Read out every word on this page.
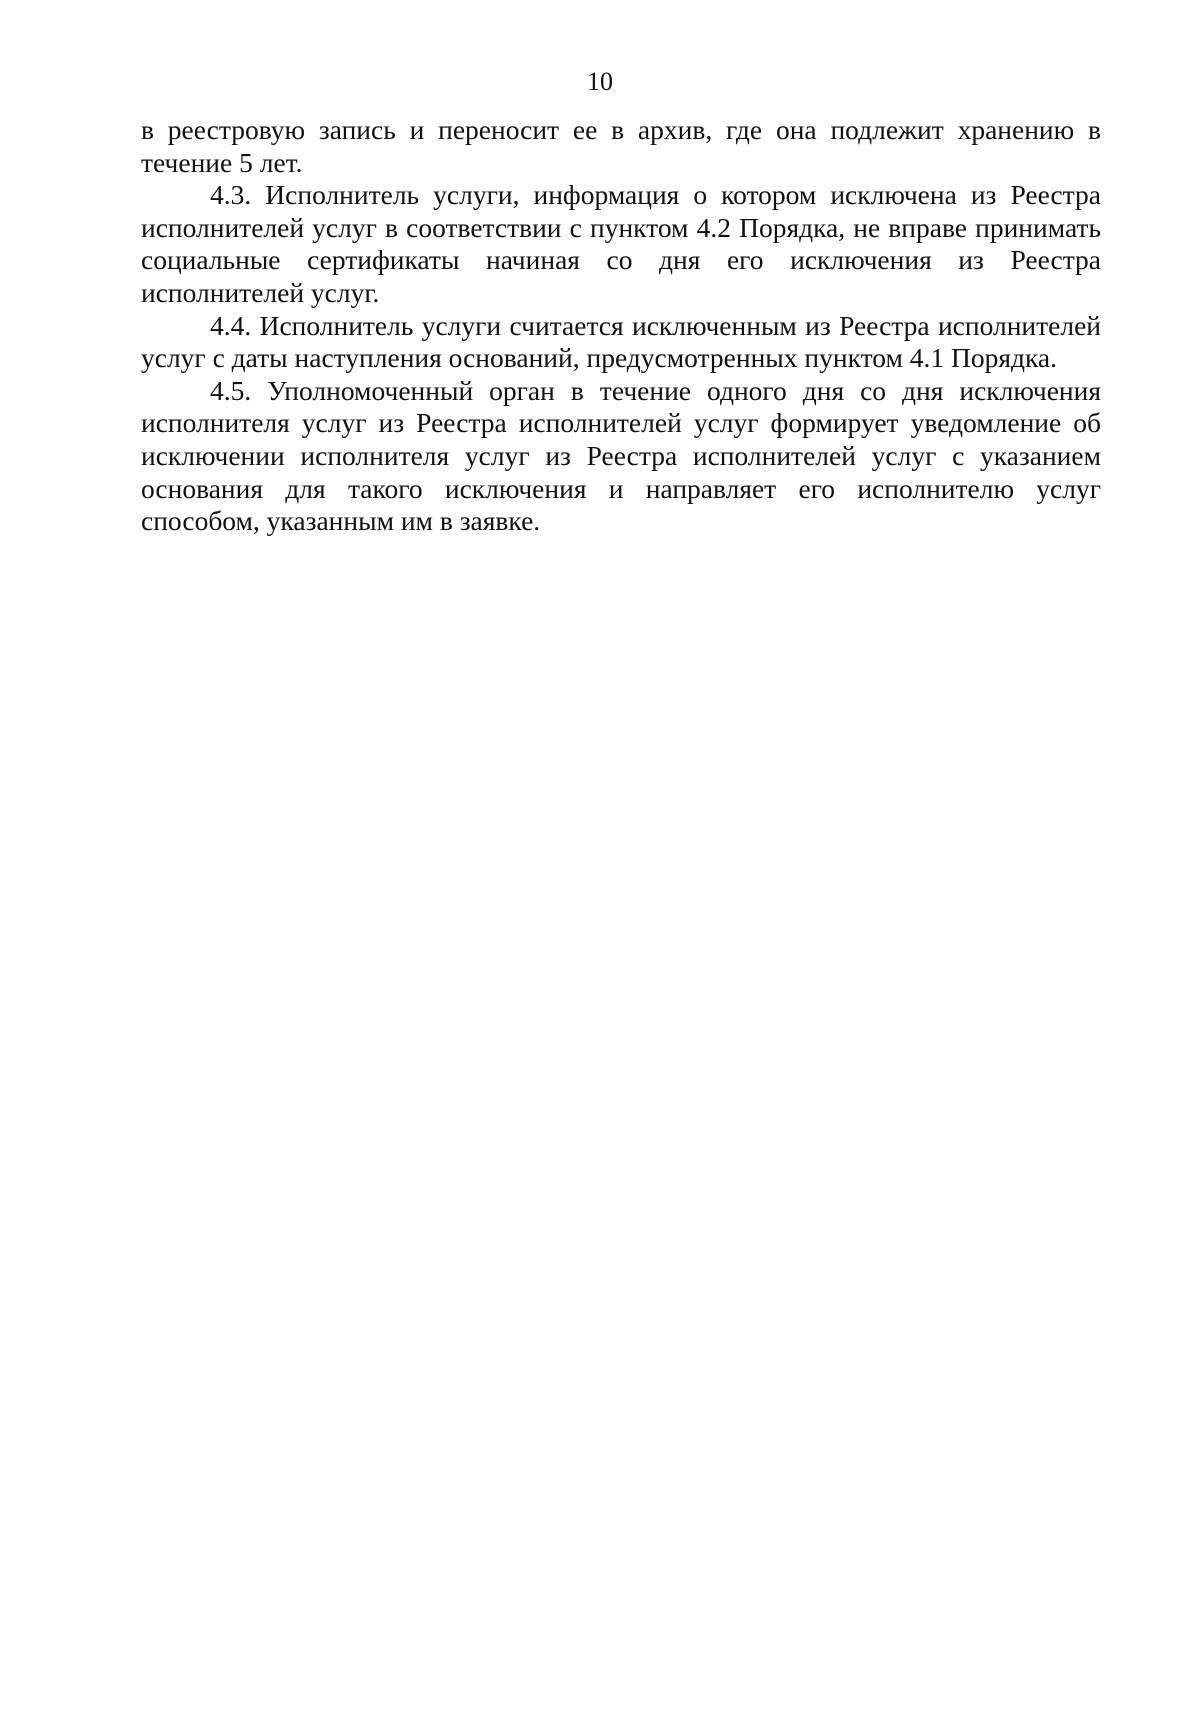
10

в реестровую запись и переносит ее в архив, где она подлежит хранению в течение 5 лет.

4.3. Исполнитель услуги, информация о котором исключена из Реестра исполнителей услуг в соответствии с пунктом 4.2 Порядка, не вправе принимать социальные сертификаты начиная со дня его исключения из Реестра исполнителей услуг.

4.4. Исполнитель услуги считается исключенным из Реестра исполнителей услуг с даты наступления оснований, предусмотренных пунктом 4.1 Порядка.

4.5. Уполномоченный орган в течение одного дня со дня исключения исполнителя услуг из Реестра исполнителей услуг формирует уведомление об исключении исполнителя услуг из Реестра исполнителей услуг с указанием основания для такого исключения и направляет его исполнителю услуг способом, указанным им в заявке.
